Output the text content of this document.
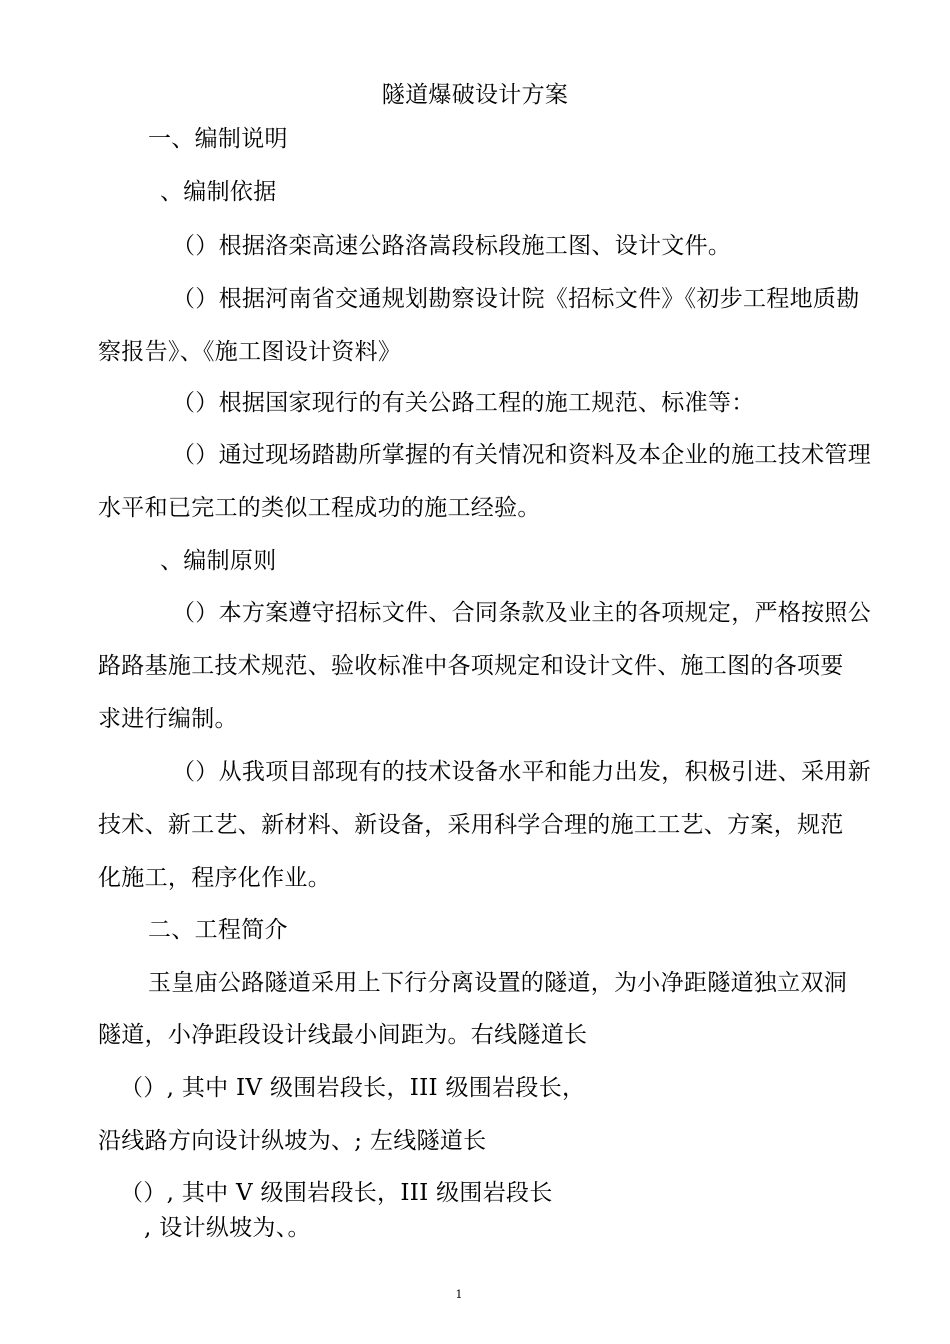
隧道爆破设计方案
一、编制说明
、编制依据
（）根据洛栾高速公路洛嵩段标段施工图、设计文件。
（）根据河南省交通规划勘察设计院《招标文件》《初步工程地质勘
察报告》、《施工图设计资料》
（）根据国家现行的有关公路工程的施工规范、标准等：
（）通过现场踏勘所掌握的有关情况和资料及本企业的施工技术管理
水平和已完工的类似工程成功的施工经验。
、编制原则
（）本方案遵守招标文件、合同条款及业主的各项规定，严格按照公
路路基施工技术规范、验收标准中各项规定和设计文件、施工图的各项要
求进行编制。
（）从我项目部现有的技术设备水平和能力出发，积极引进、采用新
技术、新工艺、新材料、新设备，采用科学合理的施工工艺、方案，规范
化施工，程序化作业。
二、工程简介
玉皇庙公路隧道采用上下行分离设置的隧道，为小净距隧道独立双洞
隧道，小净距段设计线最小间距为。右线隧道长
（）, 其中 IV 级围岩段长，III 级围岩段长，
沿线路方向设计纵坡为、; 左线隧道长
（）, 其中 V 级围岩段长，III 级围岩段长
, 设计纵坡为、。
1
